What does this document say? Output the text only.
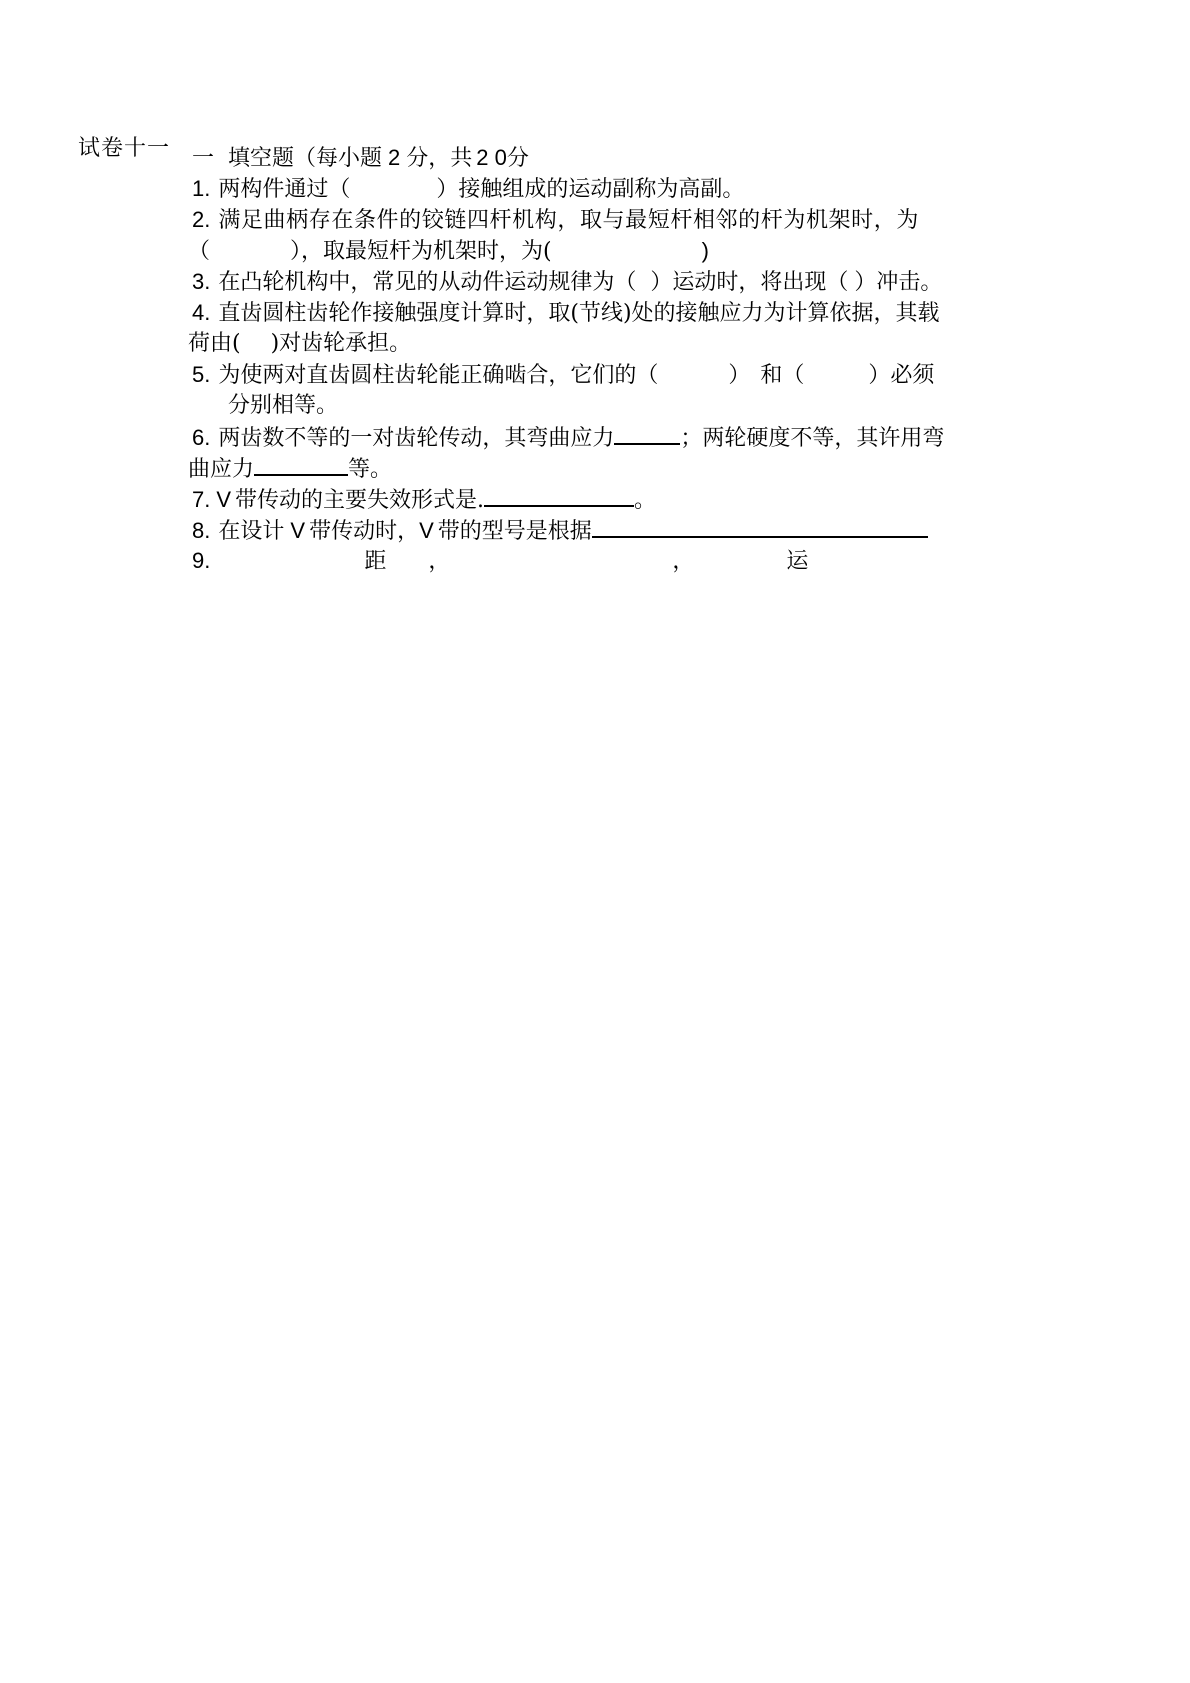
试卷十一 一 填空题（每小题 2 分，共 2 0分
1. 两构件通过（	）接触组成的运动副称为高副。
2. 满足曲柄存在条件的铰链四杆机构，取与最短杆相邻的杆为机架时，为
（	），取最短杆为机架时，为(	)
3. 在凸轮机构中，常见的从动件运动规律为（ ）运动时，将出现（ ）冲击。
4. 直齿圆柱齿轮作接触强度计算时，取(节线)处的接触应力为计算依据，其载
荷由( )对齿轮承担。
5. 为使两对直齿圆柱齿轮能正确啮合，它们的（	） 和（	）必须
分别相等。
6. 两齿数不等的一对齿轮传动，其弯曲应力	；两轮硬度不等，其许用弯
曲应力	等。
7. V 带传动的主要失效形式是.	。
8. 在设计 V 带传动时，V 带的型号是根据
9.	距 ，	，	运
